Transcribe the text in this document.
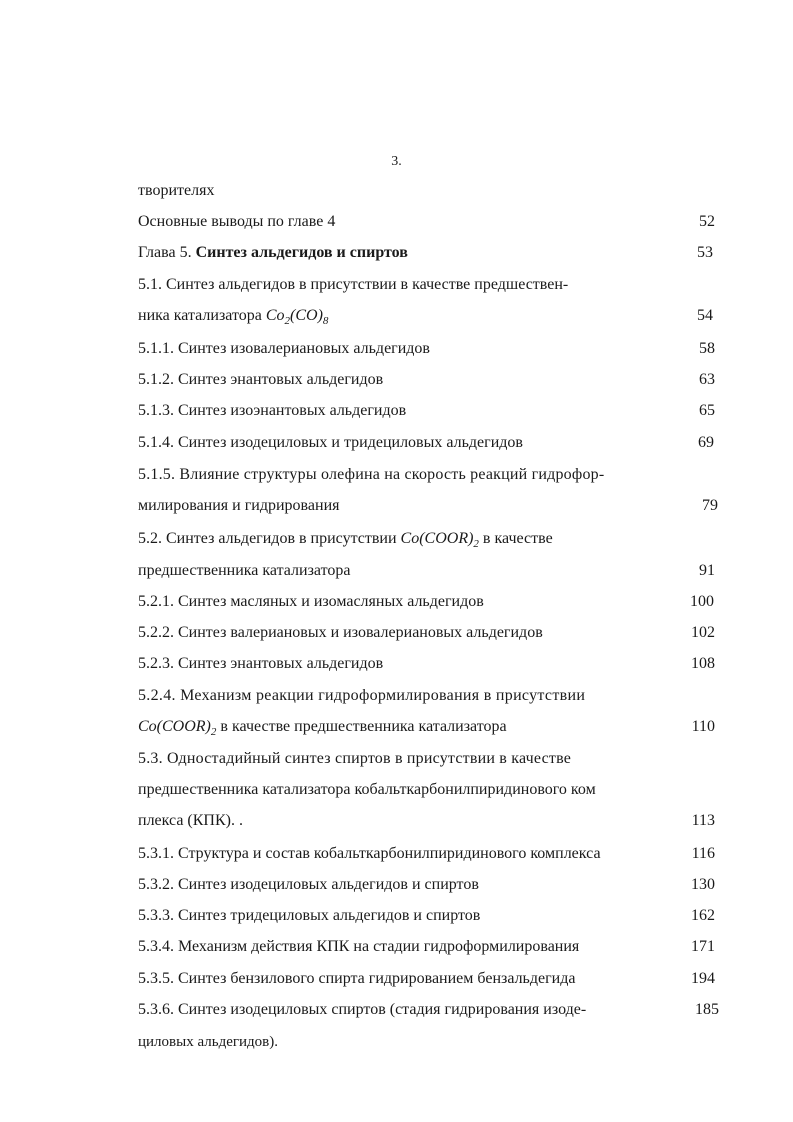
3.
творителях
Основные выводы по главе 4	52
Глава 5. Синтез альдегидов и спиртов	53
5.1. Синтез альдегидов в присутствии в качестве предшествен-
ника катализатора $Co_2(CO)_8$	54
5.1.1. Синтез изовалериановых альдегидов	58
5.1.2. Синтез энантовых альдегидов	63
5.1.3. Синтез изоэнантовых альдегидов	65
5.1.4. Синтез изодециловых и тридециловых альдегидов	69
5.1.5. Влияние структуры олефина на скорость реакций гидрофор-
милирования и гидрирования	79
5.2. Синтез альдегидов в присутствии $Co(COOR)_2$ в качестве
предшественника катализатора	91
5.2.1. Синтез масляных и изомасляных альдегидов	100
5.2.2. Синтез валериановых и изовалериановых альдегидов	102
5.2.3. Синтез энантовых альдегидов	108
5.2.4. Механизм реакции гидроформилирования в присутствии
$Co(COOR)_2$ в качестве предшественника катализатора	110
5.3. Одностадийный синтез спиртов в присутствии в качестве
предшественника катализатора кобальткарбонилпиридинового ком
плекса (КПК). .	113
5.3.1. Структура и состав кобальткарбонилпиридинового комплекса	116
5.3.2. Синтез изодециловых альдегидов и спиртов	130
5.3.3. Синтез тридециловых альдегидов и спиртов	162
5.3.4. Механизм действия КПК на стадии гидроформилирования	171
5.3.5. Синтез бензилового спирта гидрированием бензальдегида	194
5.3.6. Синтез изодециловых спиртов (стадия гидрирования изоде-	185
циловых альдегидов).
